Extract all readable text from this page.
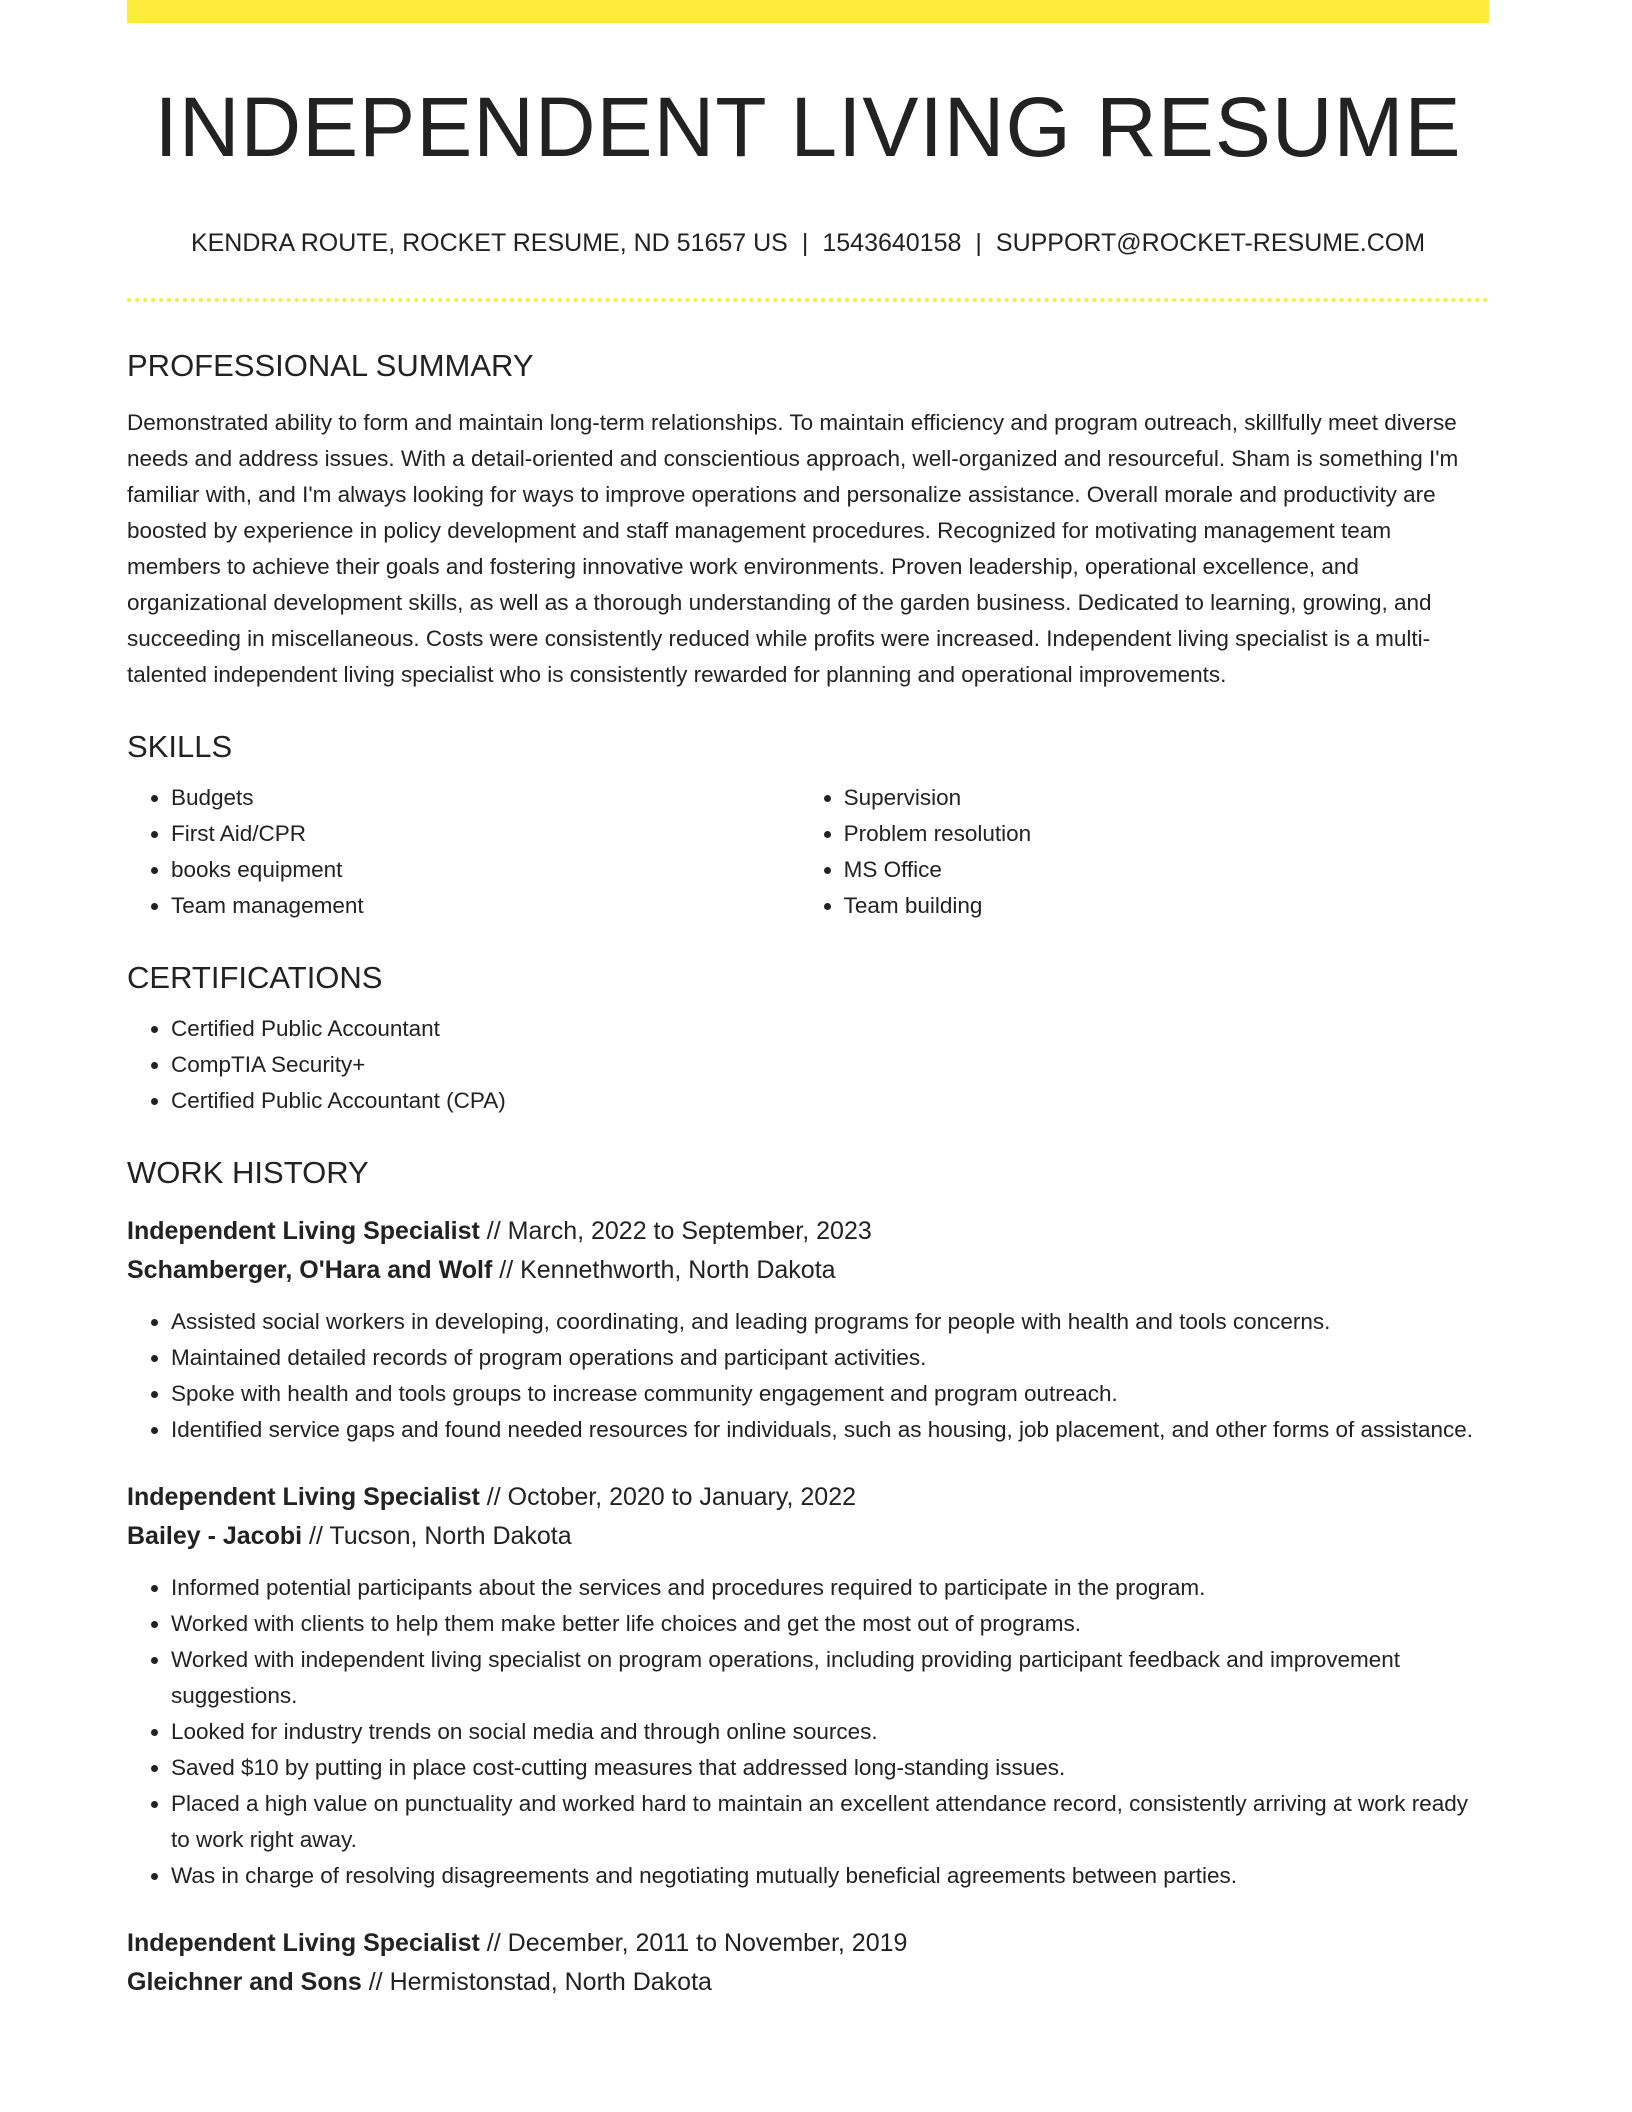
INDEPENDENT LIVING RESUME
KENDRA ROUTE, ROCKET RESUME, ND 51657 US | 1543640158 | SUPPORT@ROCKET-RESUME.COM
PROFESSIONAL SUMMARY

Demonstrated ability to form and maintain long-term relationships. To maintain efficiency and program outreach, skillfully meet diverse needs and address issues. With a detail-oriented and conscientious approach, well-organized and resourceful. Sham is something I'm familiar with, and I'm always looking for ways to improve operations and personalize assistance. Overall morale and productivity are boosted by experience in policy development and staff management procedures. Recognized for motivating management team members to achieve their goals and fostering innovative work environments. Proven leadership, operational excellence, and organizational development skills, as well as a thorough understanding of the garden business. Dedicated to learning, growing, and succeeding in miscellaneous. Costs were consistently reduced while profits were increased. Independent living specialist is a multi-talented independent living specialist who is consistently rewarded for planning and operational improvements.

SKILLS
• Budgets
• First Aid/CPR
• books equipment
• Team management
• Supervision
• Problem resolution
• MS Office
• Team building
CERTIFICATIONS
• Certified Public Accountant
• CompTIA Security+
• Certified Public Accountant (CPA)
WORK HISTORY

Independent Living Specialist // March, 2022 to September, 2023

Schamberger, O'Hara and Wolf // Kennethworth, North Dakota

• Assisted social workers in developing, coordinating, and leading programs for people with health and tools concerns.
• Maintained detailed records of program operations and participant activities.
• Spoke with health and tools groups to increase community engagement and program outreach.
• Identified service gaps and found needed resources for individuals, such as housing, job placement, and other forms of assistance.

Independent Living Specialist // October, 2020 to January, 2022

Bailey - Jacobi // Tucson, North Dakota

• Informed potential participants about the services and procedures required to participate in the program.
• Worked with clients to help them make better life choices and get the most out of programs.
• Worked with independent living specialist on program operations, including providing participant feedback and improvement suggestions.
• Looked for industry trends on social media and through online sources.
• Saved $10 by putting in place cost-cutting measures that addressed long-standing issues.
• Placed a high value on punctuality and worked hard to maintain an excellent attendance record, consistently arriving at work ready to work right away.
• Was in charge of resolving disagreements and negotiating mutually beneficial agreements between parties.

Independent Living Specialist // December, 2011 to November, 2019

Gleichner and Sons // Hermistonstad, North Dakota
